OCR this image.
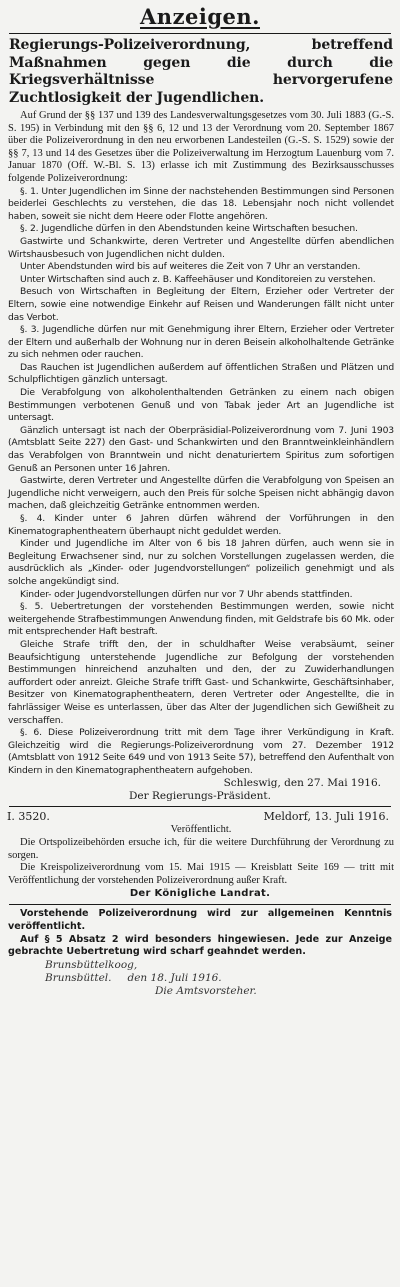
Anzeigen.
Regierungs-Polizeiverordnung, betreffend Maßnahmen gegen die durch die Kriegsverhältnisse hervorgerufene Zuchtlosigkeit der Jugendlichen.

Auf Grund der §§ 137 und 139 des Landesverwaltungsgesetzes vom 30. Juli 1883 (G.-S. S. 195) in Verbindung mit den §§ 6, 12 und 13 der Verordnung vom 20. September 1867 über die Polizeiverordnung in den neu erworbenen Landesteilen (G.-S. S. 1529) sowie der §§ 7, 13 und 14 des Gesetzes über die Polizeiverwaltung im Herzogtum Lauenburg vom 7. Januar 1870 (Off. W.-Bl. S. 13) erlasse ich mit Zustimmung des Bezirksausschusses folgende Polizeiverordnung:

§. 1. Unter Jugendlichen im Sinne der nachstehenden Bestimmungen sind Personen beiderlei Geschlechts zu verstehen, die das 18. Lebensjahr noch nicht vollendet haben, soweit sie nicht dem Heere oder Flotte angehören.

§. 2. Jugendliche dürfen in den Abendstunden keine Wirtschaften besuchen.

Gastwirte und Schankwirte, deren Vertreter und Angestellte dürfen abendlichen Wirtshausbesuch von Jugendlichen nicht dulden.

Unter Abendstunden wird bis auf weiteres die Zeit von 7 Uhr an verstanden.

Unter Wirtschaften sind auch z. B. Kaffeehäuser und Konditoreien zu verstehen.

Besuch von Wirtschaften in Begleitung der Eltern, Erzieher oder Vertreter der Eltern, sowie eine notwendige Einkehr auf Reisen und Wanderungen fällt nicht unter das Verbot.

§. 3. Jugendliche dürfen nur mit Genehmigung ihrer Eltern, Erzieher oder Vertreter der Eltern und außerhalb der Wohnung nur in deren Beisein alkoholhaltende Getränke zu sich nehmen oder rauchen.

Das Rauchen ist Jugendlichen außerdem auf öffentlichen Straßen und Plätzen und Schulpflichtigen gänzlich untersagt.

Die Verabfolgung von alkoholenthaltenden Getränken zu einem nach obigen Bestimmungen verbotenen Genuß und von Tabak jeder Art an Jugendliche ist untersagt.

Gänzlich untersagt ist nach der Oberpräsidial-Polizeiverordnung vom 7. Juni 1903 (Amtsblatt Seite 227) den Gast- und Schankwirten und den Branntweinkleinhändlern das Verabfolgen von Branntwein und nicht denaturiertem Spiritus zum sofortigen Genuß an Personen unter 16 Jahren.

Gastwirte, deren Vertreter und Angestellte dürfen die Verabfolgung von Speisen an Jugendliche nicht verweigern, auch den Preis für solche Speisen nicht abhängig davon machen, daß gleichzeitig Getränke entnommen werden.

§. 4. Kinder unter 6 Jahren dürfen während der Vorführungen in den Kinematographentheatern überhaupt nicht geduldet werden.

Kinder und Jugendliche im Alter von 6 bis 18 Jahren dürfen, auch wenn sie in Begleitung Erwachsener sind, nur zu solchen Vorstellungen zugelassen werden, die ausdrücklich als „Kinder- oder Jugendvorstellungen“ polizeilich genehmigt und als solche angekündigt sind.

Kinder- oder Jugendvorstellungen dürfen nur vor 7 Uhr abends stattfinden.

§. 5. Uebertretungen der vorstehenden Bestimmungen werden, sowie nicht weitergehende Strafbestimmungen Anwendung finden, mit Geldstrafe bis 60 Mk. oder mit entsprechender Haft bestraft.

Gleiche Strafe trifft den, der in schuldhafter Weise verabsäumt, seiner Beaufsichtigung unterstehende Jugendliche zur Befolgung der vorstehenden Bestimmungen hinreichend anzuhalten und den, der zu Zuwiderhandlungen auffordert oder anreizt. Gleiche Strafe trifft Gast- und Schankwirte, Geschäftsinhaber, Besitzer von Kinematographentheatern, deren Vertreter oder Angestellte, die in fahrlässiger Weise es unterlassen, über das Alter der Jugendlichen sich Gewißheit zu verschaffen.

§. 6. Diese Polizeiverordnung tritt mit dem Tage ihrer Verkündigung in Kraft. Gleichzeitig wird die Regierungs-Polizeiverordnung vom 27. Dezember 1912 (Amtsblatt von 1912 Seite 649 und von 1913 Seite 57), betreffend den Aufenthalt von Kindern in den Kinematographentheatern aufgehoben.

Schleswig, den 27. Mai 1916.
Der Regierungs-Präsident.
I. 3520.	Meldorf, 13. Juli 1916.
Veröffentlicht.

Die Ortspolizeibehörden ersuche ich, für die weitere Durchführung der Verordnung zu sorgen.

Die Kreispolizeiverordnung vom 15. Mai 1915 — Kreisblatt Seite 169 — tritt mit Veröffentlichung der vorstehenden Polizeiverordnung außer Kraft.

Der Königliche Landrat.

Vorstehende Polizeiverordnung wird zur allgemeinen Kenntnis veröffentlicht.

Auf § 5 Absatz 2 wird besonders hingewiesen. Jede zur Anzeige gebrachte Uebertretung wird scharf geahndet werden.

Brunsbüttelkoog,
Brunsbüttel. den 18. Juli 1916.
Die Amtsvorsteher.
